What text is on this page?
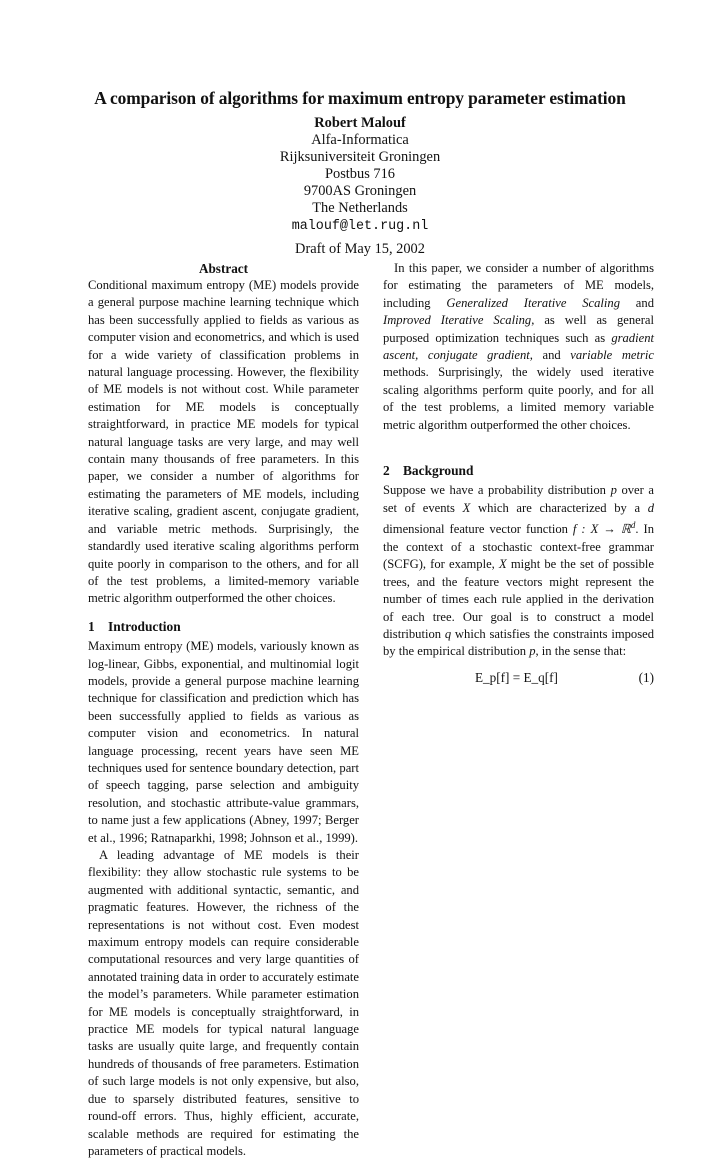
A comparison of algorithms for maximum entropy parameter estimation
Robert Malouf
Alfa-Informatica
Rijksuniversiteit Groningen
Postbus 716
9700AS Groningen
The Netherlands
malouf@let.rug.nl
Draft of May 15, 2002
Abstract

Conditional maximum entropy (ME) models provide a general purpose machine learning technique which has been successfully applied to fields as various as computer vision and econometrics, and which is used for a wide variety of classification problems in natural language processing. However, the flexibility of ME models is not without cost. While parameter estimation for ME models is conceptually straightforward, in practice ME models for typical natural language tasks are very large, and may well contain many thousands of free parameters. In this paper, we consider a number of algorithms for estimating the parameters of ME models, including iterative scaling, gradient ascent, conjugate gradient, and variable metric methods. Surprisingly, the standardly used iterative scaling algorithms perform quite poorly in comparison to the others, and for all of the test problems, a limited-memory variable metric algorithm outperformed the other choices.

1 Introduction

Maximum entropy (ME) models, variously known as log-linear, Gibbs, exponential, and multinomial logit models, provide a general purpose machine learning technique for classification and prediction which has been successfully applied to fields as various as computer vision and econometrics. In natural language processing, recent years have seen ME techniques used for sentence boundary detection, part of speech tagging, parse selection and ambiguity resolution, and stochastic attribute-value grammars, to name just a few applications (Abney, 1997; Berger et al., 1996; Ratnaparkhi, 1998; Johnson et al., 1999).

A leading advantage of ME models is their flexibility: they allow stochastic rule systems to be augmented with additional syntactic, semantic, and pragmatic features. However, the richness of the representations is not without cost. Even modest maximum entropy models can require considerable computational resources and very large quantities of annotated training data in order to accurately estimate the model’s parameters. While parameter estimation for ME models is conceptually straightforward, in practice ME models for typical natural language tasks are usually quite large, and frequently contain hundreds of thousands of free parameters. Estimation of such large models is not only expensive, but also, due to sparsely distributed features, sensitive to round-off errors. Thus, highly efficient, accurate, scalable methods are required for estimating the parameters of practical models.

In this paper, we consider a number of algorithms for estimating the parameters of ME models, including Generalized Iterative Scaling and Improved Iterative Scaling, as well as general purposed optimization techniques such as gradient ascent, conjugate gradient, and variable metric methods. Surprisingly, the widely used iterative scaling algorithms perform quite poorly, and for all of the test problems, a limited memory variable metric algorithm outperformed the other choices.

2 Background

Suppose we have a probability distribution p over a set of events X which are characterized by a d dimensional feature vector function f : X → ℝ$^d$. In the context of a stochastic context-free grammar (SCFG), for example, X might be the set of possible trees, and the feature vectors might represent the number of times each rule applied in the derivation of each tree. Our goal is to construct a model distribution q which satisfies the constraints imposed by the empirical distribution p, in the sense that:

E_p[f] = E_q[f]	(1)
